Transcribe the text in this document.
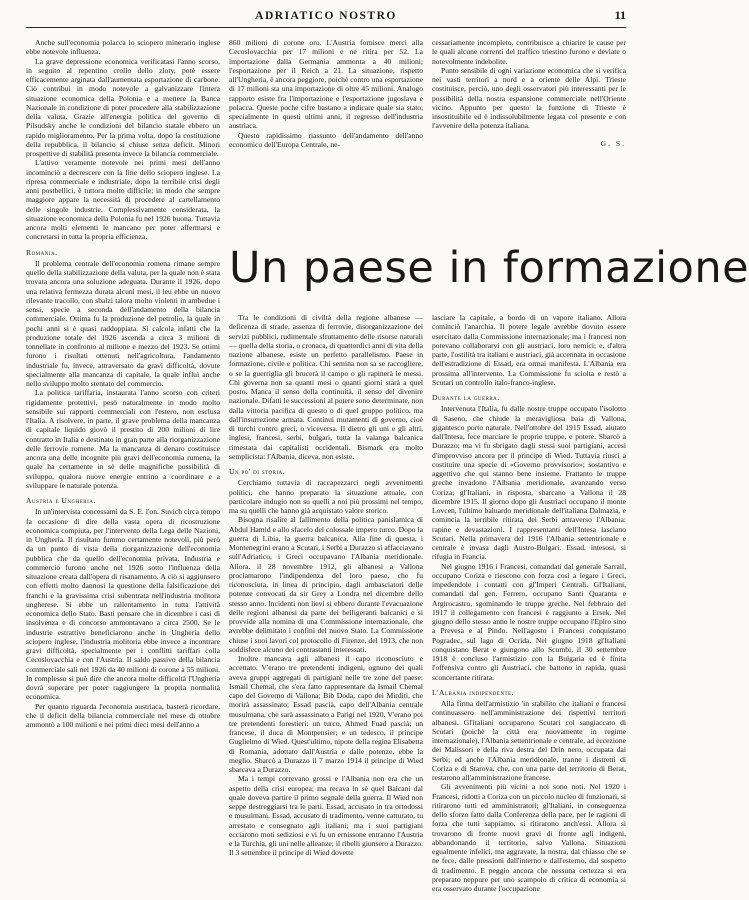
ADRIATICO NOSTRO	11

Anche sull'economia polacca lo sciopero minerario inglese ebbe notevole influenza.

La grave depressione economica verificatasi l'anno scorso, in seguito al repentino crollo dello zloty, potè essere efficacemente arginata dall'aumentata esportazione di carbone. Ciò contribuì in modo notevole a galvanizzare l'intera situazione economica della Polonia e a mettere la Banca Nazionale in condizione di poter procedere alla stabilizzazione della valuta. Grazie all'energia politica del governo di Pilsudsky anche le condizioni del bilancio statale ebbero un rapido miglioramento. Per la prima volta, dopo la costituzione della repubblica, il bilancio si chiuse senza deficit. Minori prospettive di stabilità presenta invece la bilancia commerciale.

L'attivo veramente notevole nei primi mesi dell'anno incominciò a decrescere con la fine dello sciopero inglese. La ripresa commerciale e industriale, dopo la terribile crisi degli anni postbellici, è tuttora molto difficile; in modo che sempre maggiore appare la necessità di procedere al cartellamento delle singole industrie. Complessivamente considerata, la situazione economica della Polonia fu nel 1926 buona. Tuttavia ancora molti elementi le mancano per poter affermarsi e concretarsi in tutta la propria efficienza.

Romania.

Il problema centrale dell'economia romena rimane sempre quello della stabilizzazione della valuta, per la quale non è stata trovata ancora una soluzione adeguata. Durante il 1926, dopo una relativa fermezza durata alcuni mesi, il leu ebbe un nuovo rilevante tracollo, con sbalzi talora molto violenti in ambedue i sensi, specie a seconda dell'andamento della bilancia commerciale. Ottima fu la produzione del petrolio, la quale in pochi anni si è quasi raddoppiata. Si calcola infatti che la produzione totale del 1926 ascenda a circa 3 milioni di tonnellate in confronto al milione e mezzo del 1923. Se ottimi furono i risultati ottenuti nell'agricoltura, l'andamento industriale fu, invece, attraversato da gravi difficoltà, dovute specialmente alla mancanza di capitale, la quale influì anche nello sviluppo molto stentato del commercio.

La politica tariffaria, instaurata l'anno scorso con criteri rigidamente protettivi, pesò naturalmente in modo molto sensibile sui rapporti commerciali con l'estero, non esclusa l'Italia. A risolvere, in parte, il grave problema della mancanza di capitale liquido giovò il prestito di 200 milioni di lire contratto in Italia e destinato in gran parte alla riorganizzazione delle ferrovie romene. Ma la mancanza di denaro costituisce ancora una delle incognite più gravi dell'economia rumena, la quale ha certamente in sè delle magnifiche possibilità di sviluppo, qualora nuove energie entrino a coordinare e a sviluppare le naturale potenza.

Austria e Ungheria.

In un'intervista concessami da S. E. l'on. Suvich circa tempo fa occasione di dire della vasta opera di ricostruzione economica compiuta, per l'intervento della Lega delle Nazioni, in Ungheria. Il risultato fummo certamente notevoli, più però da un punto di vista della riorganizzazione dell'economia pubblica che da quello dell'economia privata. Industria e commercio furono anche nel 1926 sotto l'influenza della situazione creata dall'opera di risanamento. A ciò si aggiunsero con effetti molto dannosi la questione della falsificazione dei franchi e la gravissima crisi subentrata nell'industria molitora ungherese. Si ebbe un rallentamento in tutta l'attività economica dello Stato. Basti pensare che in dicembre i casi di insolvenza e di concorso ammontavano a circa 2500. Se le industrie estrattive beneficiarono anche in Ungheria dello sciopero inglese, l'industria molitoria ebbe invece a incontrare gravi difficoltà, specialmente per i conflitti tariffari colla Cecoslovacchia e con l'Austria. Il saldo passivo della bilancia commerciale sali nel 1926 da 40 milioni di corone a 55 milioni. In complesso si può dire che ancora molte difficoltà l'Ungheria dovrà superare per poter raggiungere la propria normalità economica.

Per quanto riguarda l'economia austriaca, basterà ricordare, che il deficit della bilancia commerciale nel mese di ottobre ammontò a 100 milioni e nei primi dieci mesi dell'anno a

860 milioni di corone oro. L'Austria fornisce merci alla Cecoslovacchia per 17 milioni e ne ritira per 52. La importazione dalla Germania ammonta a 40 milioni; l'esportazione per il Reich a 21. La situazione, rispetto all'Ungheria, è ancora peggiore, poichè contro una esportazione di 17 milioni sta una importazione di oltre 45 milioni. Analogo rapporto esiste fra l'importazione e l'esportazione jugoslava e polacca. Queste poche cifre bastano a indicare quale sia stato, specialmente in questi ultimi anni, il regresso dell'industria austriaca.

Questo rapidissimo riassunto dell'andamento dell'anno economico dell'Europa Centrale, ne-

cessariamente incompleto, contribuisce a chiarire le cause per le quali alcune correnti del traffico triestino furono e deviate o notevolmente indebolite.

Punto sensibile di ogni variazione economica che si verifica nei vasti territori a nord e a oriente delle Alpi. Trieste costituisce, perciò, uno degli osservatori più interessanti per le possibilità della nostra espansione commerciale nell'Oriente vicino. Appunto per questo la funzione di Trieste è insostituibile ed è indissolubilmente legata col presente e con l'avvenire della potenza italiana.

G. S.

Un paese in formazione

Tra le condizioni di civiltà della regione albanese — deficenza di strade, assenza di ferrovie, disorganizzazione dei servizi pubblici, rudimentale sfruttamento delle risorse naturali — quella della storia, o cronaca, di quattordici anni di vita della nazione albanese, esiste un perfetto parallelismo. Paese in formazione, civile e politica. Chi semina non sa se raccogliere, o se la guerriglia gli brucerà il campo o gli rapinerà le messi. Chi governa non sa quanti mesi o quanti giorni starà a quel posto. Manca il senso della continuità, il senso del divenire nazionale. Difatti le successioni al potere sono determinate, non dalla vittoria pacifica di questo o di quel gruppo politico, ma dall'insurrezione armata. Continui mutamenti di governo, cioè di turchi contro greci, o viceversa. Il dietro gli uni e gli altri, inglesi, francesi, serbi, bulgari, tutta la valanga balcanica rimestata dai capitalisti occidentali. Bismark era molto semplicista: l'Albania, diceva, non esiste.

Un po' di storia.

Cerchiamo tuttavia di raccapezzarci negli avvenimenti politici, che hanno preparato la situazione attuale, con particolare indugio non su quelli a noi più prossimi nel tempo, ma su quelli che hanno già acquistato valore storico.

Bisogna risalire al fallimento della politica panislamica di Abdul Hamid e allo sfacelo del colossale impero turco. Dopo la guerra di Libia, la guerra balcanica. Alla fine di questa, i Montenegrini erano a Scutari, i Serbi a Durazzo si affacciavano sull'Adriatico, i Greci occupavano l'Albania meridionale. Allora, il 28 novembre 1912, gli albanesi a Vallona proclamarono l'indipendenza del loro paese, che fu riconosciuta, in linea di principio, dagli ambasciatori delle potenze convocati da sir Grey a Londra nel dicembre dello stesso anno. Incidenti non lievi si ebbero durante l'evacuazione delle regioni albanesi da parte dei belligeranti balcanici e si provvide alla nomina di una Commissione internazionale, che avrebbe delimitato i confini del nuovo Stato. La Commissione chiuse i suoi lavori col protocollo di Firenze, del 1913, che non soddisfece alcuno dei contrastanti interessati.

Inoltre mancava agli albanesi il capo riconosciuto e accettato. V'erano tre pretendenti indigeni, ognuno dei quali aveva gruppi aggregati di partigiani nelle tre zone del paese: Ismail Chemal, che s'era fatto rappresentare da Ismail Chemal capo del Governo di Vallona; Bib Doda, capo dei Mirditi, che morirà assassinato; Essad pascià, capo dell'Albania centrale musulmana, che sarà assassinato a Parigi nel 1920. V'erano poi tre pretendenti forestieri: un turco, Ahmed Fuad pascià; un francese, il duca di Montpensier; e un tedesco, il principe Guglielmo di Wied. Quest'ultimo, nipote della regina Elisabetta di Romania, adottato dall'Austria e dalle potenze, ebbe la meglio. Sbarcò a Durazzo il 7 marzo 1914 il principe di Wied sbarcava a Durazzo.

Ma i tempi correvano grossi e l'Albania non era che un aspetto della crisi europea; ma recava in sè quel Balcani dal quale doveva partire il primo segnale della guerra. Il Wied non seppe destreggiarsi tra le parti. Essad, accusato in tra ortodossi e musulmani. Essad, accusato di tradimento, venne catturato, tu arrestato e consegnato agli italiani; ma i suoi partigiani ecciarono moti sediziosi e vi fu un ernissone entranno l'Austria e la Turchia, gli uni nelle alleanze; il ribelli giunsero a Durazzo. Il 3 settembre il principe di Wied dovette

lasciare la capitale, a bordo di un vapore italiano. Allora cominciò l'anarchia. Il potere legale avrebbe dovuto essere esercitato dalla Commissione internazionale; ma i francesi non potevano collaborarvi con gli austriaci, loro nemici; e, d'altra parte, l'ostilità tra italiani e austriaci, già accennata in occasione dell'estradizione di Essad, era ormai manifesta. L'Albania era prossima all'intervento. La Commissione fu sciolta e restò a Scutari un controllo italo-franco-inglese.

Durante la guerra.

Intervenuta l'Italia, fu dalle nostre truppe occupato l'isolotto di Saseno, che chiude la meravigliosa baia di Vallona, gigantesco porto naturale. Nell'ottobre del 1915 Essad, aiutato dall'Intesa, fece marciare le proprie truppe, e potere. Sbarcò a Durazzo; ma vi fu sbrigato dagli stessi suoi partigiani, accesi d'improvviso ancora per il principe di Wied. Tuttavia riuscì a costituire una specie di «Governo provvisorio»; sostantivo e aggettivo che qui stanno bene insieme. Frattanto le truppe greche invadono l'Albania meridionale, avanzando verso Coriza; gl'Italiani, in risposta, sbarcano a Vallona il 28 dicembre 1915. Il giorno dopo gli Austriaci occupano il monte Lovcen, l'ultimo baluardo meridionale dell'italiana Dalmazia, e comincia la terribile ritirata dei Serbi attraverso l'Albania: rapine e devastazioni. I rappresentanti dell'Intesa lasciano Scutari. Nella primavera del 1916 l'Albania settentrionale e centrale è invasa dagli Austro-Bulgari. Essad, intesosi, si rifugia in Francia.

Nel giugno 1916 i Francesi, comandati dal generale Sarrail, occupano Coriza e riescono con forza così a legare i Greci, impedendole i contatti con gl'Imperi Centrali. Gl'Italiani, comandati dal gen. Ferrero, occupano Santi Quaranta e Argirocastro, sgominando le truppe greche. Nel febbraio del 1917 il collegamento con francesi è raggiunto a Ersek. Nel giugno dello stesso anno le nostre truppe occupano l'Epiro sino a Prevesa e al Pindo. Nell'agosto i Francesi conquistano Pogradec, sul lago di Ocrida. Nel giugno 1918 gl'Italiani conquistano Berat e giungono allo Scumbi, il 30 settembre 1918 è concluso l'armistizio con la Bulgaria ed è finita l'offensiva contro gli Austriaci, che battono in rapida, quasi sconcertante ritirata.

L'Albania indipendente.

Alla firma dell'armistizio 'in stabilito che italiani e francesi continuassero nell'amministrazione dei rispettivi territori albanesi. Gl'italiani occuparono Scutari col sangiaccato di Scutari (poichè la città era nuovamente in regime internazionale), l'Albania settentrionale e centrale, ad eccezione dei Malissori e della riva destra del Drin nero, occupata dai Serbi; ed anche l'Albania meridionale, tranne i distretti di Coriza e di Starova, che, con una parte del territorio di Berat, restarono all'amministrazione francese.

Gli avvenimenti più vicini a noi sono noti. Nel 1920 i Francesi, ridotti a Coriza con un piccolo nucleo di funzionari, si ritirarono tutti ed amministratori; gl'Italiani, in conseguenza dello sforzo fatto dalla Conferenza della pace, per le ragioni di forza che tutti sappiamo, si ritirarono anch'essi. Allora si trovarono di fronte nuovi gravi di fronte agli indigeni, abbandonando il territorio, salvo Vallona. Situazioni egualmente infelici, ma aggravate, la nostra, dal chiasso che se ne fece, dalle pressioni dall'interno e dall'esterno, dal sospetto di tradimento. E peggio ancora che nessuna certezza si era preparato neppure per uno scampolo di critica di economia si era osservato durante l'occupazione
